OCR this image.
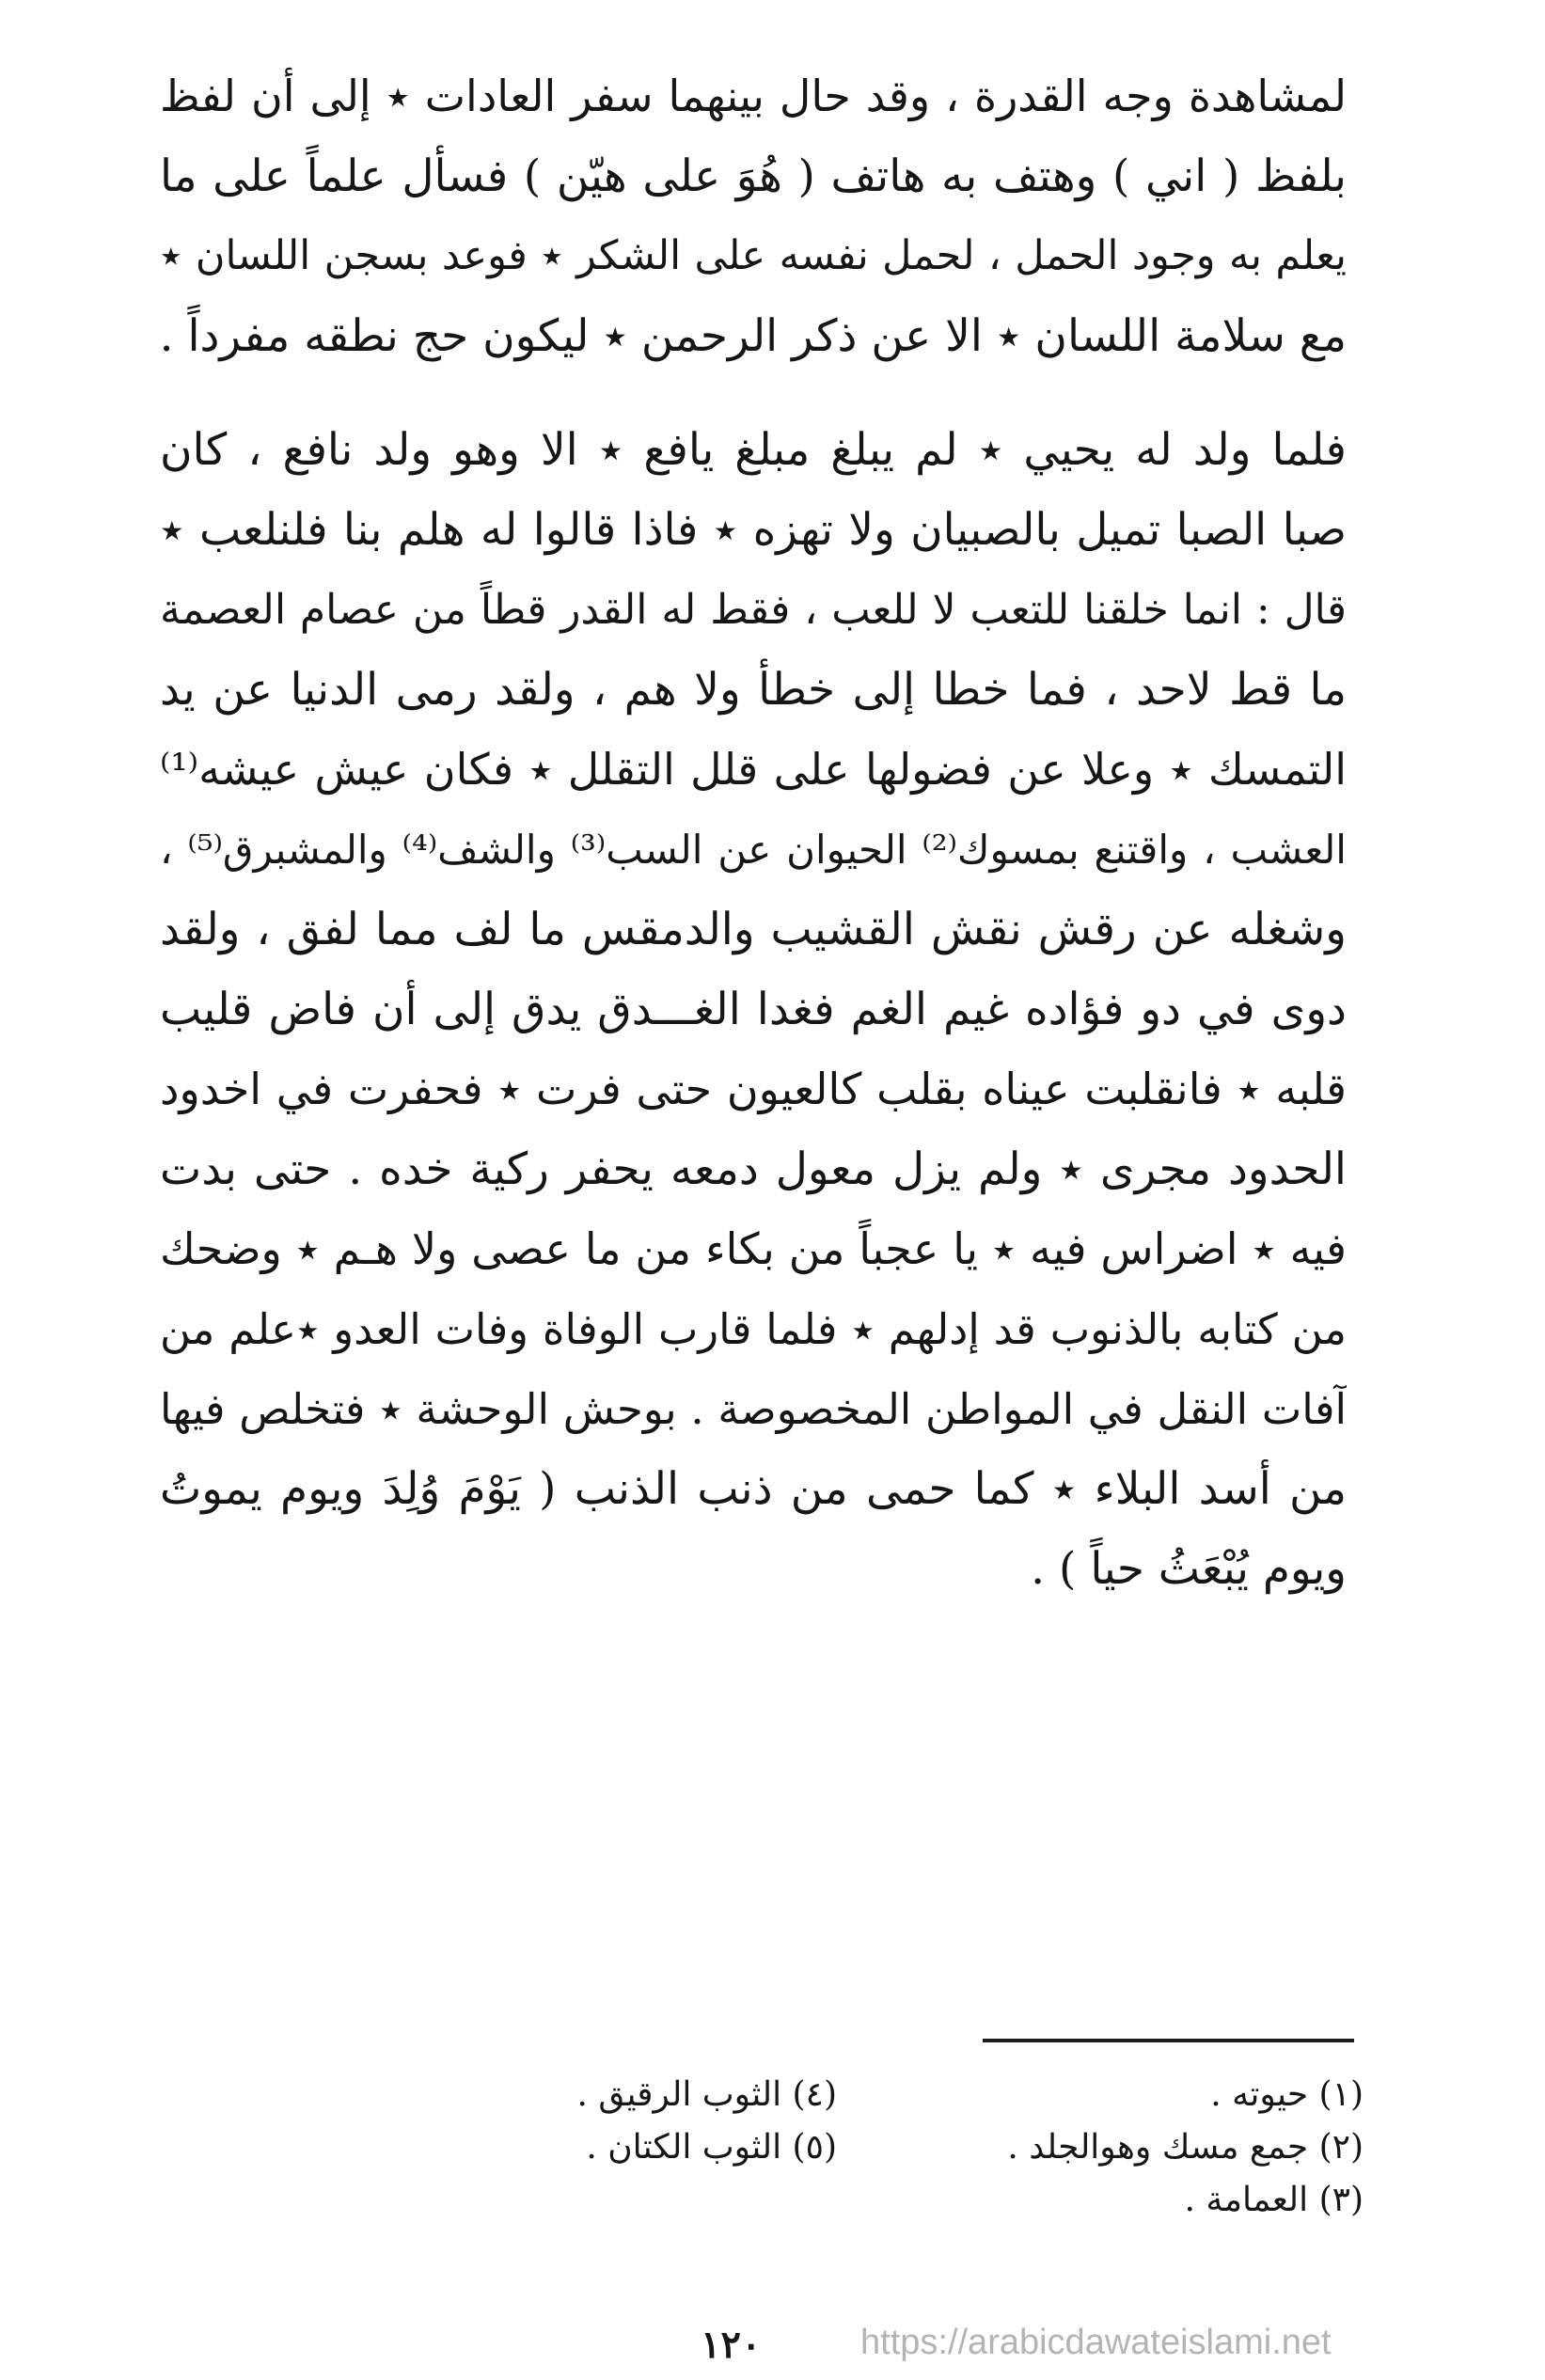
لمشاهدة وجه القدرة ، وقد حال بينهما سفر العادات ٭ إلى أن لفظ
بلفظ ( اني ) وهتف به هاتف ( هُوَ على هيّن ) فسأل علماً على ما
يعلم به وجود الحمل ، لحمل نفسه على الشكر ٭ فوعد بسجن اللسان ٭
مع سلامة اللسان ٭ الا عن ذكر الرحمن ٭ ليكون حج نطقه مفرداً .
فلما ولد له يحيي ٭ لم يبلغ مبلغ يافع ٭ الا وهو ولد نافع ، كان
صبا الصبا تميل بالصبيان ولا تهزه ٭ فاذا قالوا له هلم بنا فلنلعب ٭
قال : انما خلقنا للتعب لا للعب ، فقط له القدر قطاً من عصام العصمة
ما قط لاحد ، فما خطا إلى خطأ ولا هم ، ولقد رمى الدنيا عن يد
التمسك ٭ وعلا عن فضولها على قلل التقلل ٭ فكان عيش عيشه⁽¹⁾
العشب ، واقتنع بمسوك⁽²⁾ الحيوان عن السب⁽³⁾ والشف⁽⁴⁾ والمشبرق⁽⁵⁾ ،
وشغله عن رقش نقش القشيب والدمقس ما لف مما لفق ، ولقد
دوى في دو فؤاده غيم الغم فغدا الغـــدق يدق إلى أن فاض قليب
قلبه ٭ فانقلبت عيناه بقلب كالعيون حتى فرت ٭ فحفرت في اخدود
الحدود مجرى ٭ ولم يزل معول دمعه يحفر ركية خده . حتى بدت
فيه ٭ اضراس فيه ٭ يا عجباً من بكاء من ما عصى ولا هـم ٭ وضحك
من كتابه بالذنوب قد إدلهم ٭ فلما قارب الوفاة وفات العدو ٭علم من
آفات النقل في المواطن المخصوصة . بوحش الوحشة ٭ فتخلص فيها
من أسد البلاء ٭ كما حمى من ذنب الذنب ( يَوْمَ وُلِدَ ويوم يموتُ
ويوم يُبْعَثُ حياً ) .
(١) حيوته .
(٢) جمع مسك وهوالجلد .
(٣) العمامة .
(٤) الثوب الرقيق .
(٥) الثوب الكتان .
١٢٠	https://arabicdawateislami.net
